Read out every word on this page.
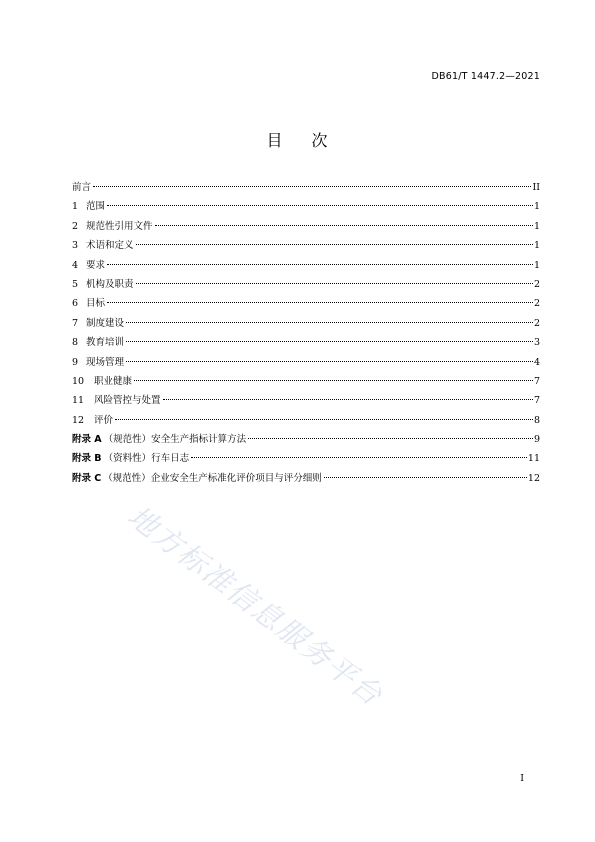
DB61/T 1447.2—2021
目 次
前言	II
1 范围	1
2 规范性引用文件	1
3 术语和定义	1
4 要求	1
5 机构及职责	2
6 目标	2
7 制度建设	2
8 教育培训	3
9 现场管理	4
10	职业健康	7
11	风险管控与处置	7
12	评价	8
附录 A （规范性）安全生产指标计算方法	9
附录 B （资料性）行车日志	11
附录 C （规范性）企业安全生产标准化评价项目与评分细则	12
地方标准信息服务平台
I
